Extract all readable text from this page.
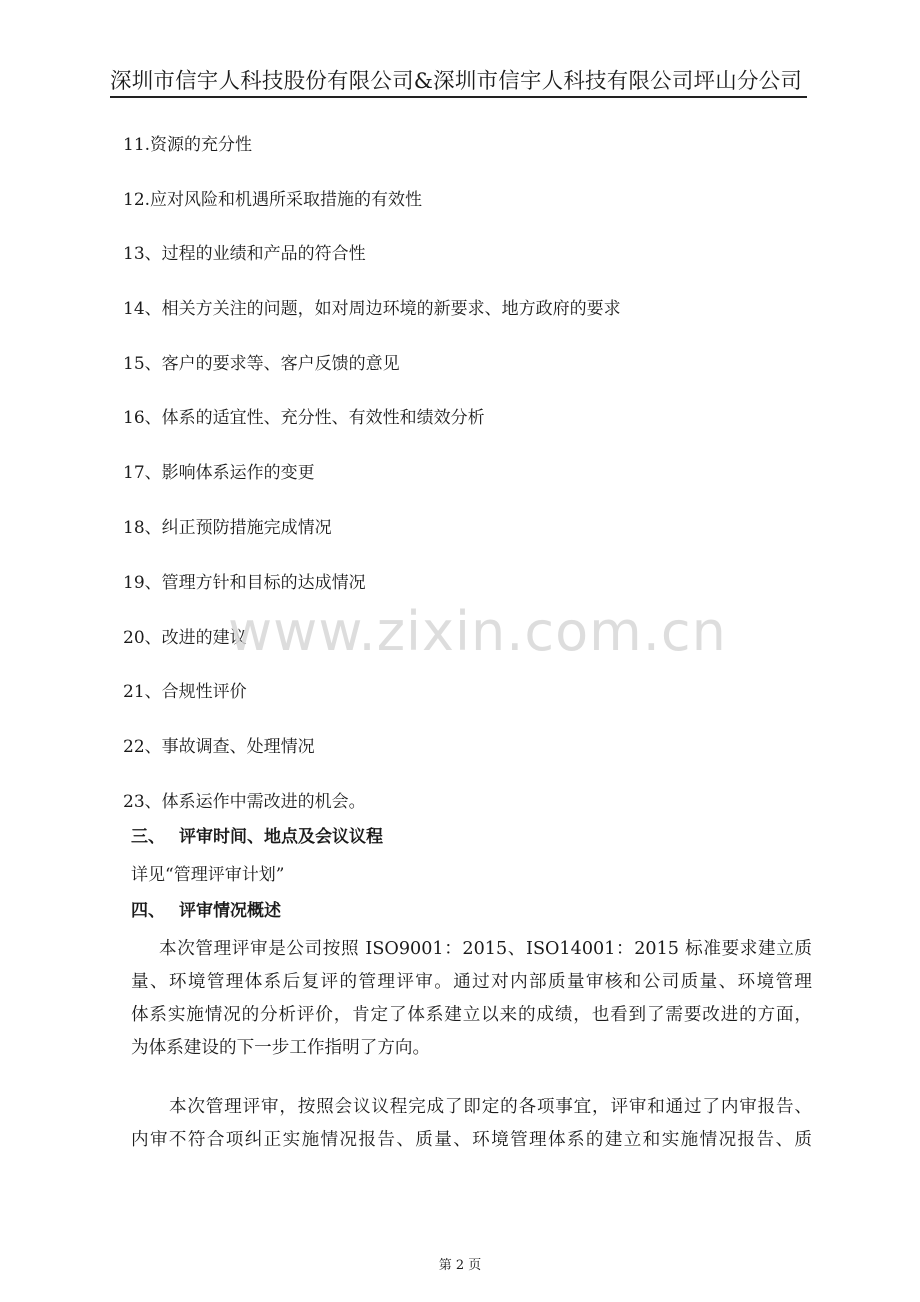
深圳市信宇人科技股份有限公司&深圳市信宇人科技有限公司坪山分公司
11.资源的充分性
12.应对风险和机遇所采取措施的有效性
13、过程的业绩和产品的符合性
14、相关方关注的问题，如对周边环境的新要求、地方政府的要求
15、客户的要求等、客户反馈的意见
16、体系的适宜性、充分性、有效性和绩效分析
17、影响体系运作的变更
18、纠正预防措施完成情况
19、管理方针和目标的达成情况
20、改进的建议
21、合规性评价
22、事故调查、处理情况
23、体系运作中需改进的机会。
三、 评审时间、地点及会议议程
详见“管理评审计划”
四、 评审情况概述
本次管理评审是公司按照 ISO9001：2015、ISO14001：2015 标准要求建立质
量、环境管理体系后复评的管理评审。通过对内部质量审核和公司质量、环境管理
体系实施情况的分析评价，肯定了体系建立以来的成绩，也看到了需要改进的方面，
为体系建设的下一步工作指明了方向。
本次管理评审，按照会议议程完成了即定的各项事宜，评审和通过了内审报告、
内审不符合项纠正实施情况报告、质量、环境管理体系的建立和实施情况报告、质
www.zixin.com.cn
第 2 页
